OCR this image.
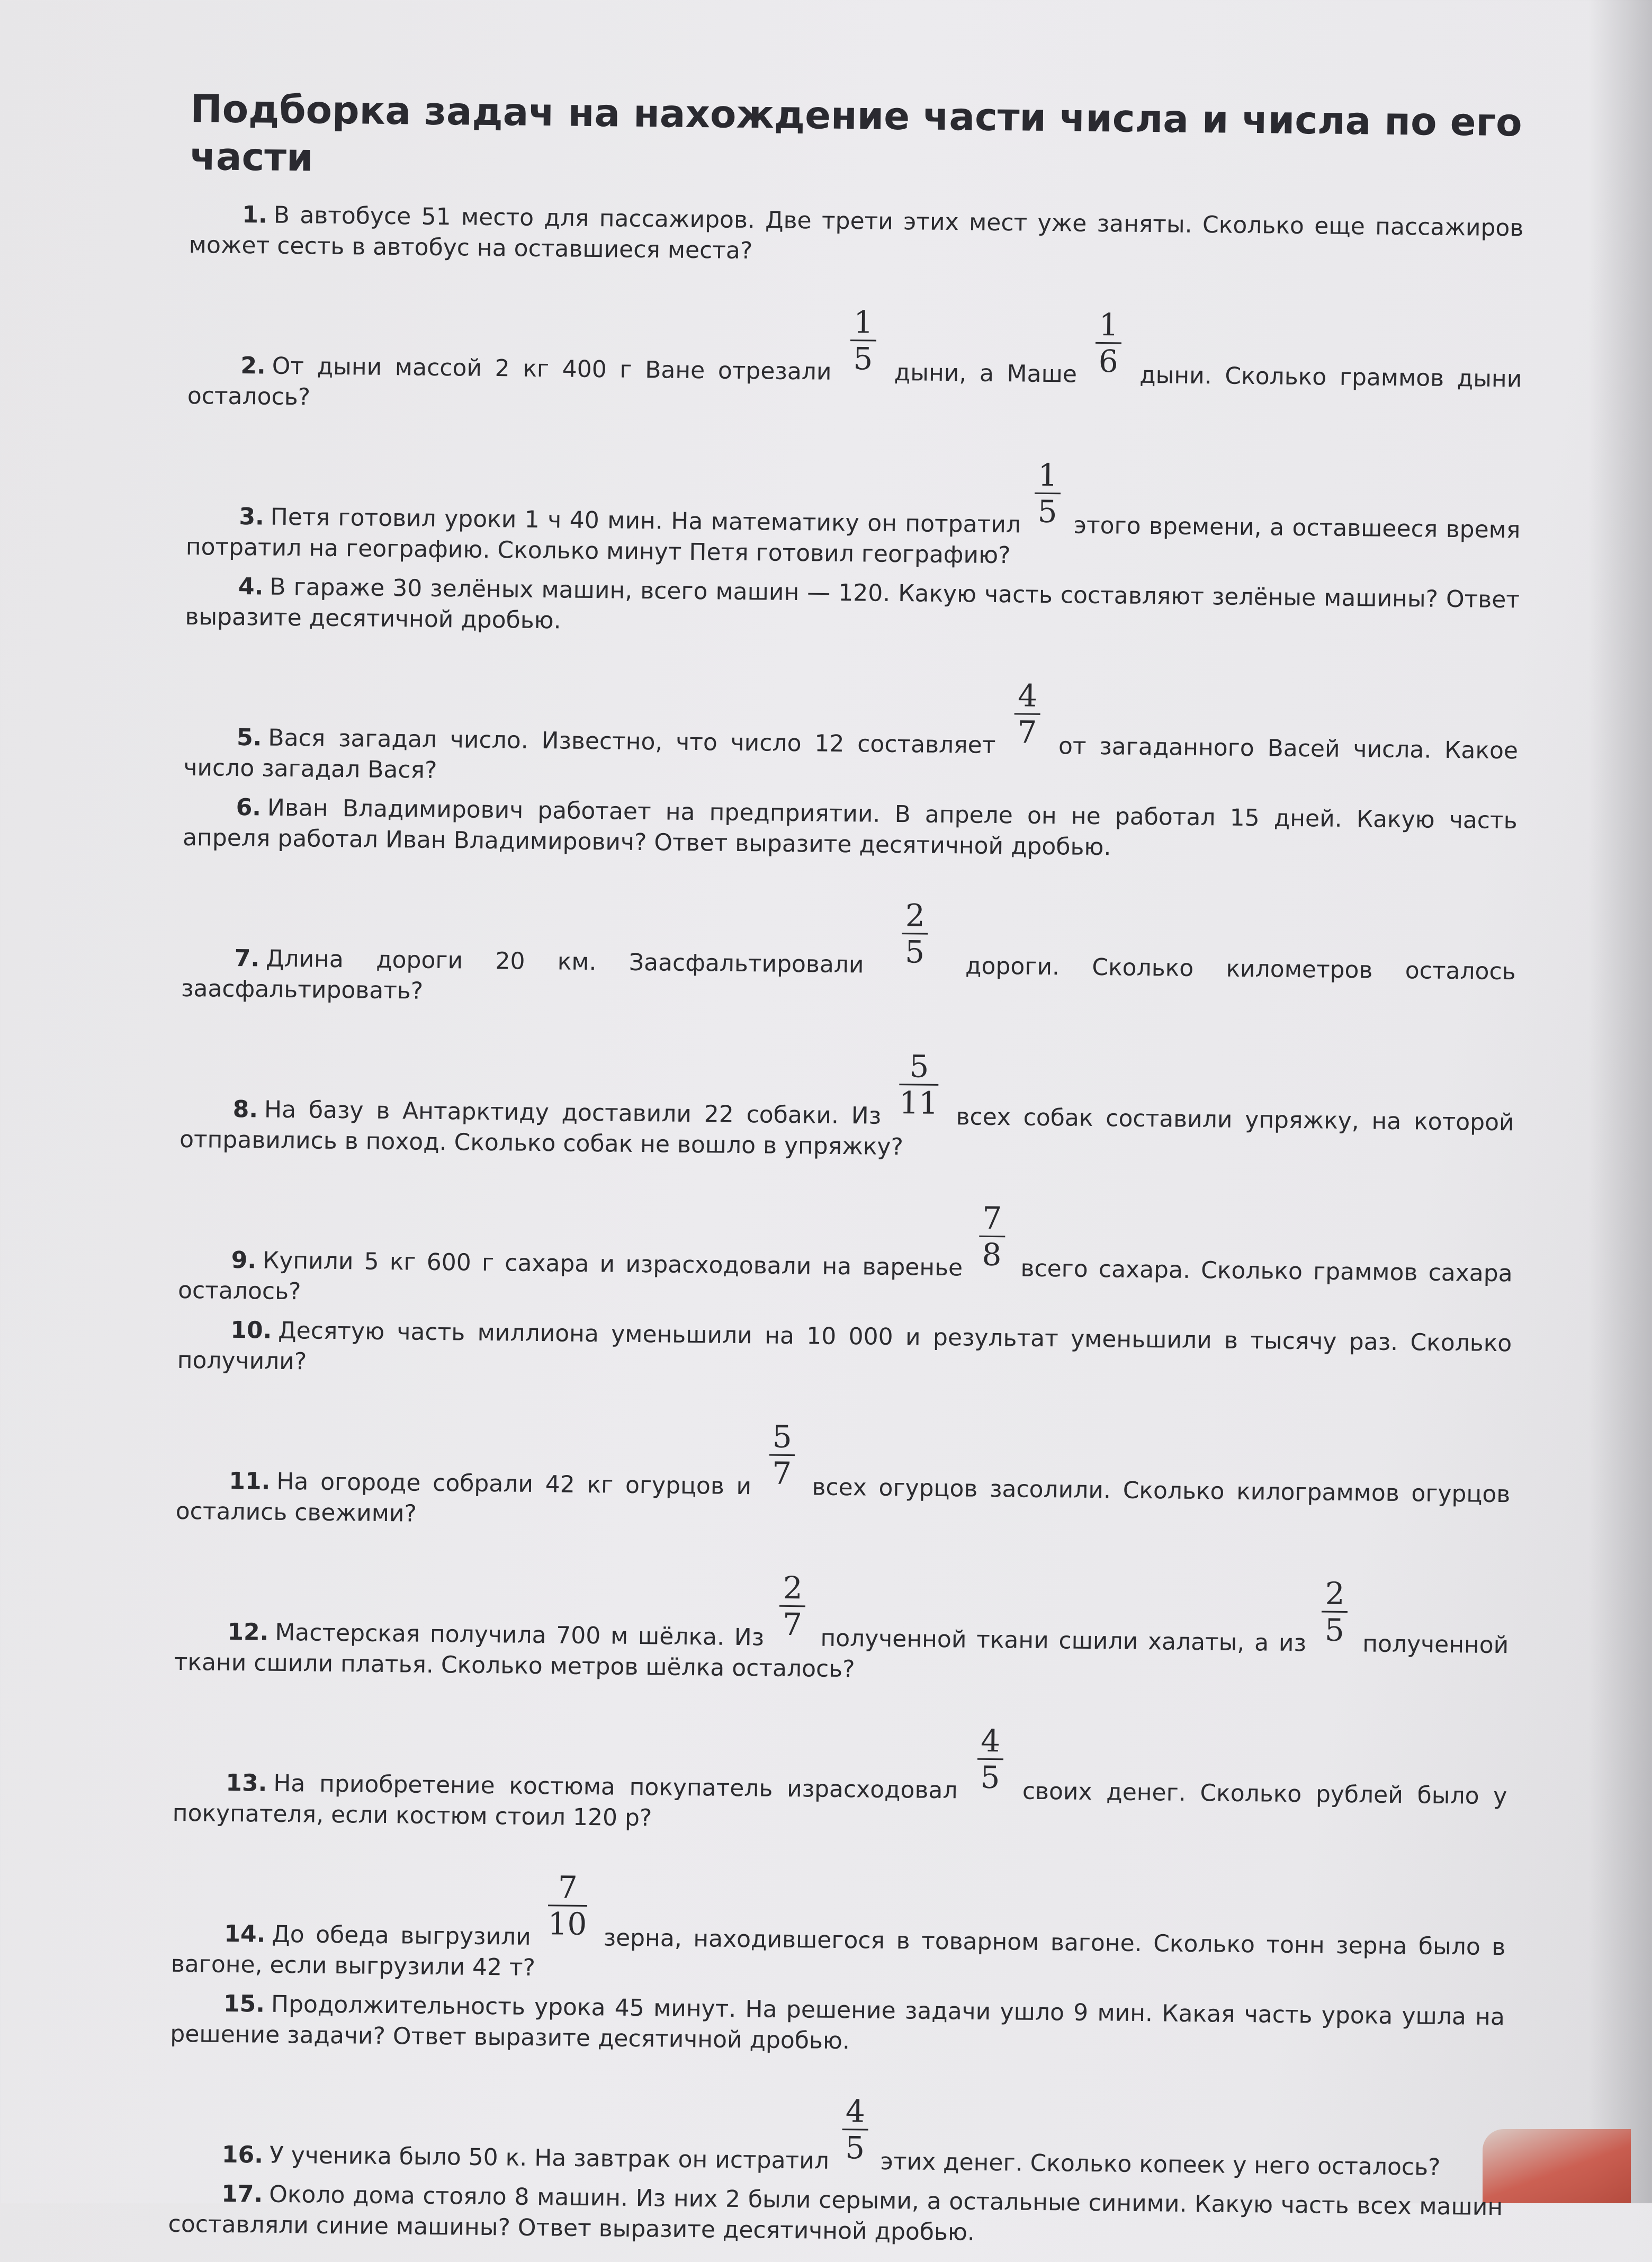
Подборка задач на нахождение части числа и числа по его части
1. В автобусе 51 место для пассажиров. Две трети этих мест уже заняты. Сколько еще пассажиров может сесть в автобус на оставшиеся места?
2. От дыни массой 2 кг 400 г Ване отрезали $\frac{1}{5}$ дыни, а Маше $\frac{1}{6}$ дыни. Сколько граммов дыни осталось?
3. Петя готовил уроки 1 ч 40 мин. На математику он потратил $\frac{1}{5}$ этого времени, а оставшееся время потратил на географию. Сколько минут Петя готовил географию?
4. В гараже 30 зелёных машин, всего машин — 120. Какую часть составляют зелёные машины? Ответ выразите десятичной дробью.
5. Вася загадал число. Известно, что число 12 составляет $\frac{4}{7}$ от загаданного Васей числа. Какое число загадал Вася?
6. Иван Владимирович работает на предприятии. В апреле он не работал 15 дней. Какую часть апреля работал Иван Владимирович? Ответ выразите десятичной дробью.
7. Длина дороги 20 км. Заасфальтировали $\frac{2}{5}$ дороги. Сколько километров осталось заасфальтировать?
8. На базу в Антарктиду доставили 22 собаки. Из $\frac{5}{11}$ всех собак составили упряжку, на которой отправились в поход. Сколько собак не вошло в упряжку?
9. Купили 5 кг 600 г сахара и израсходовали на варенье $\frac{7}{8}$ всего сахара. Сколько граммов сахара осталось?
10. Десятую часть миллиона уменьшили на 10 000 и результат уменьшили в тысячу раз. Сколько получили?
11. На огороде собрали 42 кг огурцов и $\frac{5}{7}$ всех огурцов засолили. Сколько килограммов огурцов остались свежими?
12. Мастерская получила 700 м шёлка. Из $\frac{2}{7}$ полученной ткани сшили халаты, а из $\frac{2}{5}$ полученной ткани сшили платья. Сколько метров шёлка осталось?
13. На приобретение костюма покупатель израсходовал $\frac{4}{5}$ своих денег. Сколько рублей было у покупателя, если костюм стоил 120 р?
14. До обеда выгрузили $\frac{7}{10}$
зерна, находившегося в товарном вагоне. Сколько тонн зерна было в вагоне, если выгрузили 42 т?
15. Продолжительность урока 45 минут. На решение задачи ушло 9 мин. Какая часть урока ушла на решение задачи? Ответ выразите десятичной дробью.
16. У ученика было 50 к. На завтрак он истратил $\frac{4}{5}$ этих денег. Сколько копеек у него осталось?
17. Около дома стояло 8 машин. Из них 2 были серыми, а остальные синими. Какую часть всех машин составляли синие машины? Ответ выразите десятичной дробью.
